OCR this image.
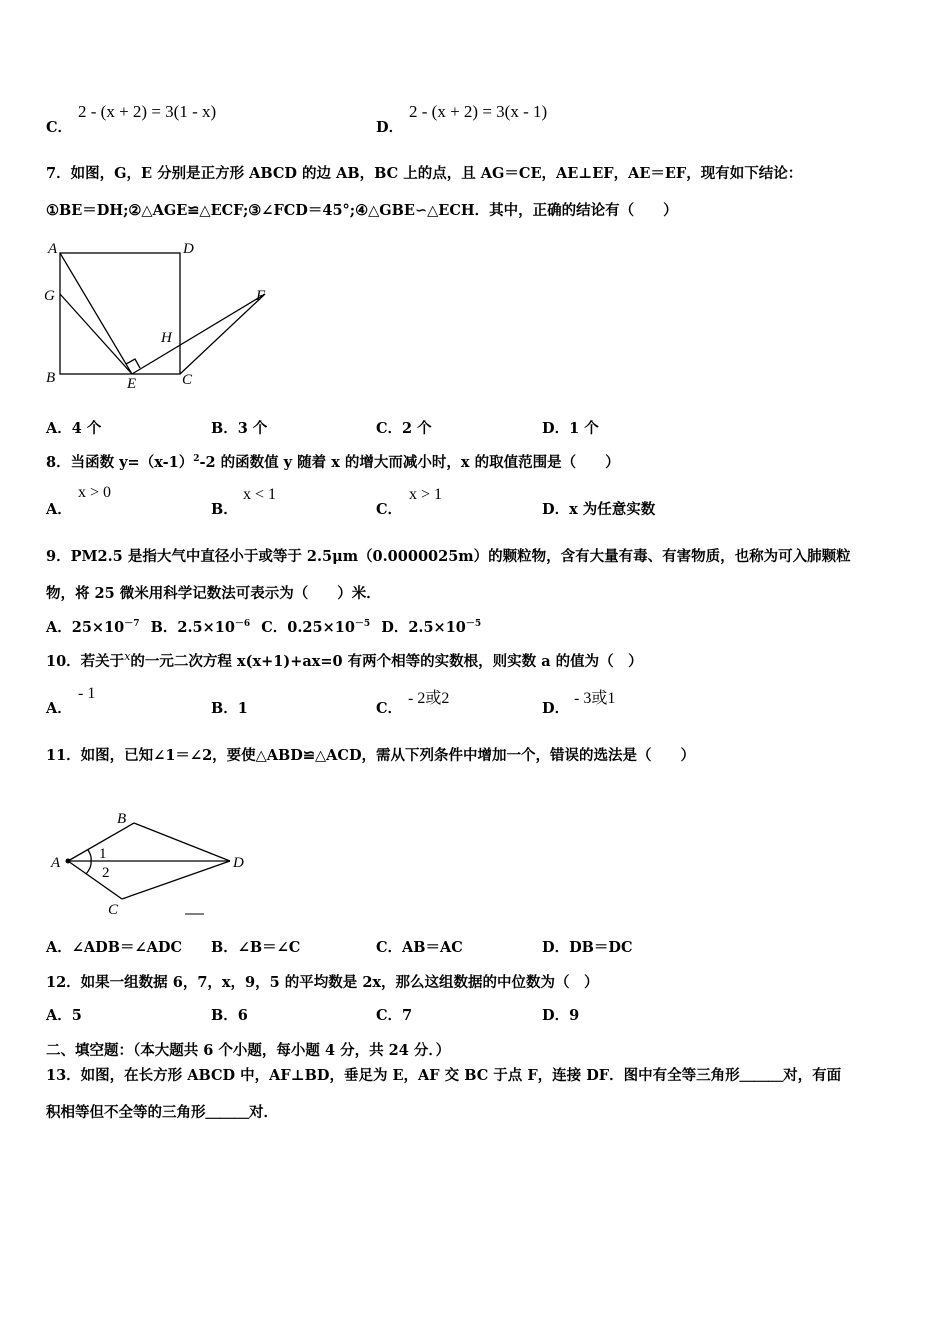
C．
2 - (x + 2) = 3(1 - x)
D．
2 - (x + 2) = 3(x - 1)
7．如图，G，E 分别是正方形 ABCD 的边 AB，BC 上的点，且 AG＝CE，AE⊥EF，AE＝EF，现有如下结论：
①BE＝DH;②△AGE≌△ECF;③∠FCD＝45°;④△GBE∽△ECH．其中，正确的结论有（　　）
A	D
G	F
H
B	E	C
A．4 个	B．3 个	C．2 个	D．1 个
8．当函数 $y=(x-1)^2-2$ 的函数值 y 随着 x 的增大而减小时，x 的取值范围是（　　）
A．
x > 0
B．
x < 1
C．
x > 1
D．x 为任意实数
9．PM2.5 是指大气中直径小于或等于 2.5μm（0.0000025m）的颗粒物，含有大量有毒、有害物质，也称为可入肺颗粒
物，将 25 微米用科学记数法可表示为（　　）米．
A．$25\times 10^{-7}$ B．$2.5\times 10^{-6}$ C．$0.25\times 10^{-5}$ D．$2.5\times 10^{-5}$
10．若关于$^x$的一元二次方程 x(x+1)+ax=0 有两个相等的实数根，则实数 a 的值为（　）
A．
- 1
B．1	C．
- 2或2
D．
- 3或1
11．如图，已知∠1＝∠2，要使△ABD≌△ACD，需从下列条件中增加一个，错误的选法是（　　）
A
B
C
D
1
2
A．∠ADB＝∠ADC B．∠B＝∠C	C．AB＝AC	D．DB＝DC
12．如果一组数据 6，7，x，9，5 的平均数是 2x，那么这组数据的中位数为（　）
A．5	B．6	C．7	D．9
二、填空题：（本大题共 6 个小题，每小题 4 分，共 24 分．）
13．如图，在长方形 ABCD 中，AF⊥BD，垂足为 E，AF 交 BC 于点 F，连接 DF．图中有全等三角形＿＿＿对，有面
积相等但不全等的三角形＿＿＿对．
